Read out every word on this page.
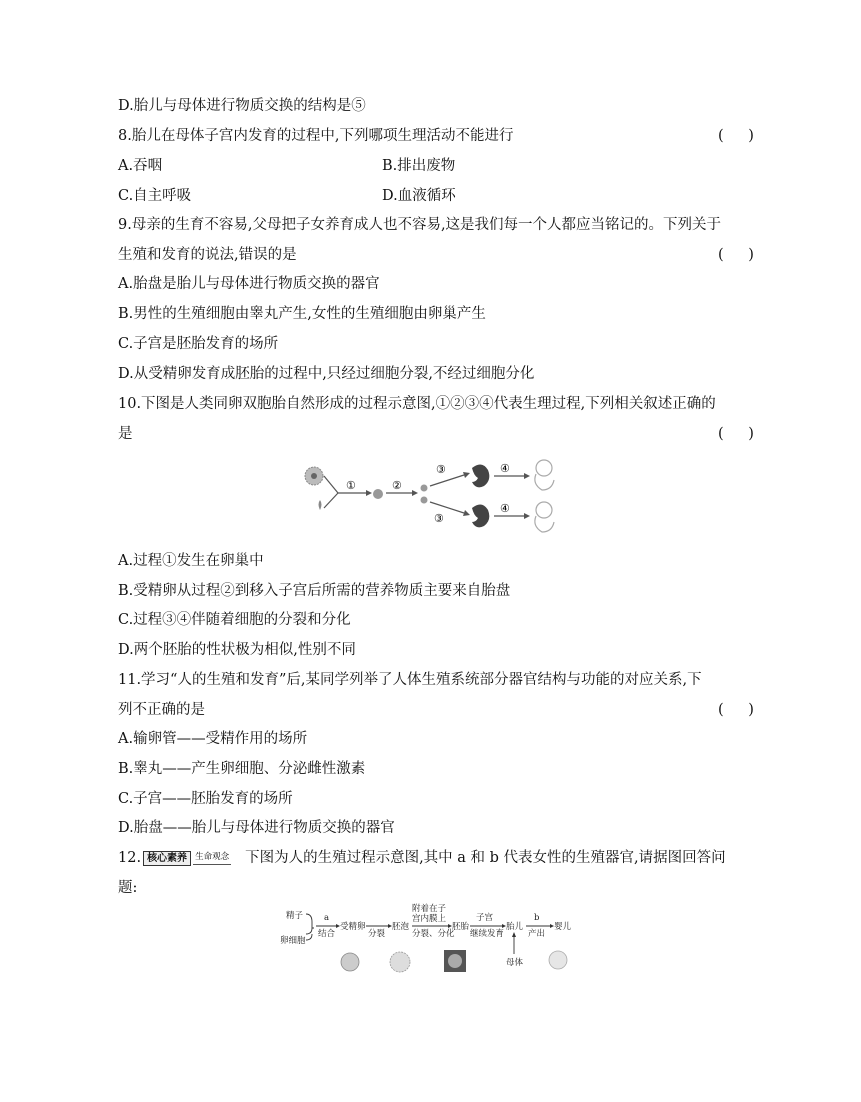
D.胎儿与母体进行物质交换的结构是⑤
8.胎儿在母体子宫内发育的过程中,下列哪项生理活动不能进行	( )
A.吞咽	B.排出废物
C.自主呼吸	D.血液循环
9.母亲的生育不容易,父母把子女养育成人也不容易,这是我们每一个人都应当铭记的。下列关于
生殖和发育的说法,错误的是	( )
A.胎盘是胎儿与母体进行物质交换的器官
B.男性的生殖细胞由睾丸产生,女性的生殖细胞由卵巢产生
C.子宫是胚胎发育的场所
D.从受精卵发育成胚胎的过程中,只经过细胞分裂,不经过细胞分化
10.下图是人类同卵双胞胎自然形成的过程示意图,①②③④代表生理过程,下列相关叙述正确的
是	( )
①	②
③
③
④
④
A.过程①发生在卵巢中
B.受精卵从过程②到移入子宫后所需的营养物质主要来自胎盘
C.过程③④伴随着细胞的分裂和分化
D.两个胚胎的性状极为相似,性别不同
11.学习“人的生殖和发育”后,某同学列举了人体生殖系统部分器官结构与功能的对应关系,下
列不正确的是	( )
A.输卵管——受精作用的场所
B.睾丸——产生卵细胞、分泌雌性激素
C.子宫——胚胎发育的场所
D.胎盘——胎儿与母体进行物质交换的器官
12. 核心素养 生命观念 下图为人的生殖过程示意图,其中 a 和 b 代表女性的生殖器官,请据图回答问
题:
精子
卵细胞
a
结合
受精卵
分裂
胚泡
附着在子
宫内膜上
分裂、分化
胚胎
子宫
继续发育
胎儿
b
产出
婴儿
母体
